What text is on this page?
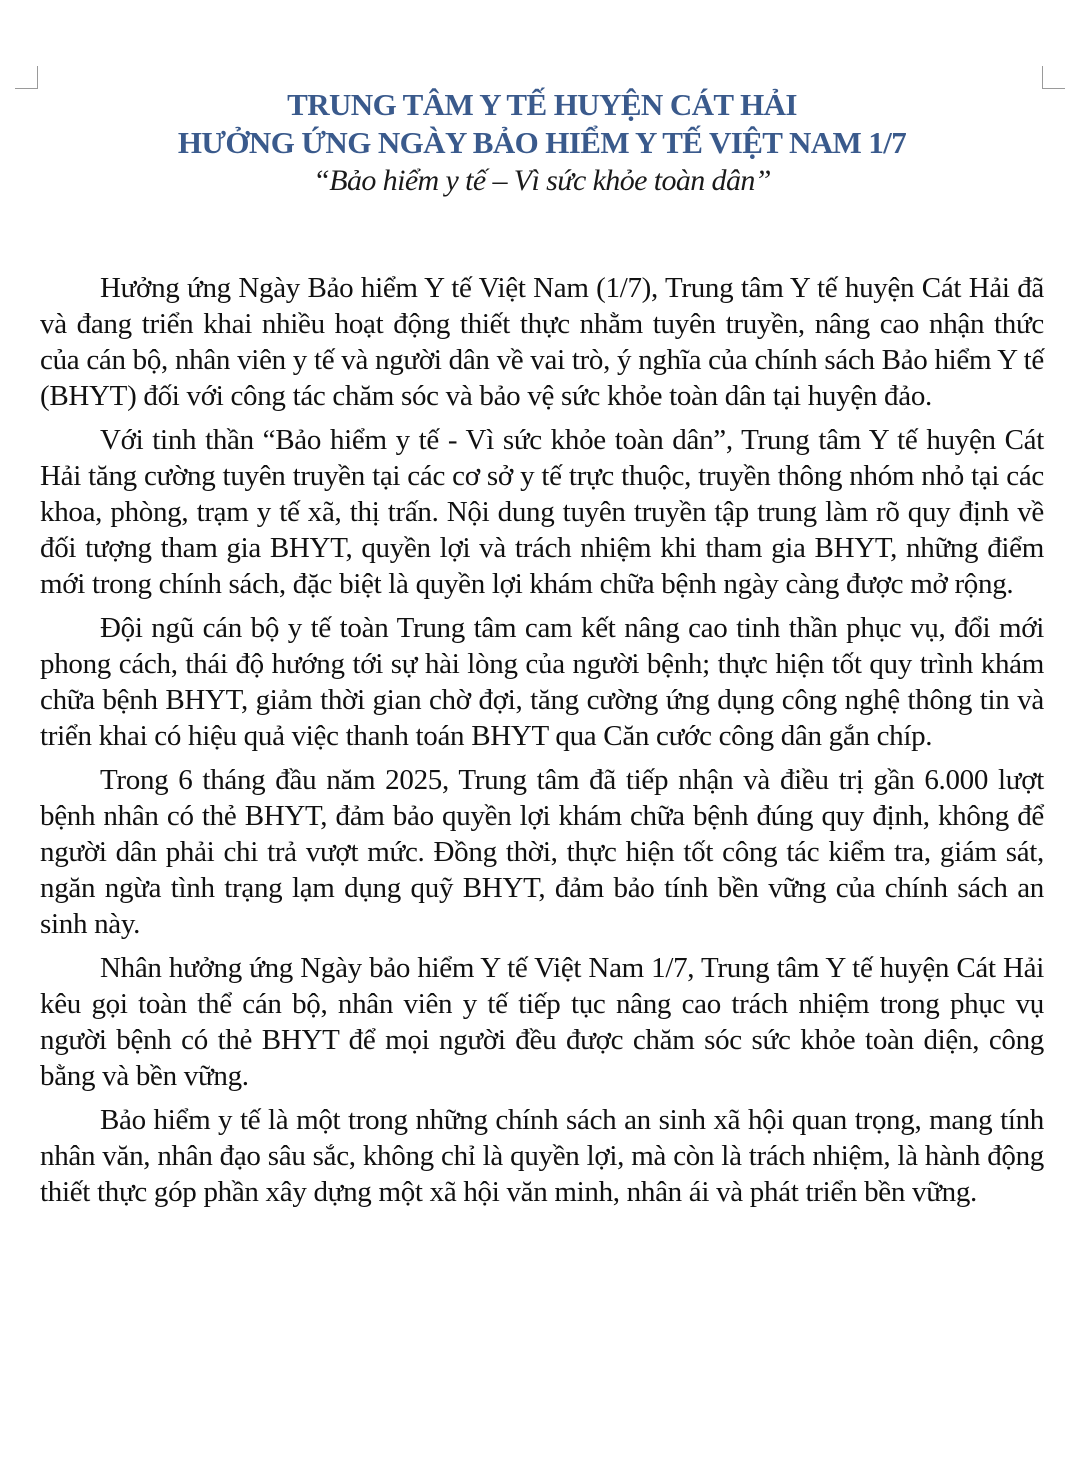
TRUNG TÂM Y TẾ HUYỆN CÁT HẢI
HƯỞNG ỨNG NGÀY BẢO HIỂM Y TẾ VIỆT NAM 1/7
“Bảo hiểm y tế – Vì sức khỏe toàn dân”

Hưởng ứng Ngày Bảo hiểm Y tế Việt Nam (1/7), Trung tâm Y tế huyện Cát Hải đã và đang triển khai nhiều hoạt động thiết thực nhằm tuyên truyền, nâng cao nhận thức của cán bộ, nhân viên y tế và người dân về vai trò, ý nghĩa của chính sách Bảo hiểm Y tế (BHYT) đối với công tác chăm sóc và bảo vệ sức khỏe toàn dân tại huyện đảo.

Với tinh thần “Bảo hiểm y tế - Vì sức khỏe toàn dân”, Trung tâm Y tế huyện Cát Hải tăng cường tuyên truyền tại các cơ sở y tế trực thuộc, truyền thông nhóm nhỏ tại các khoa, phòng, trạm y tế xã, thị trấn. Nội dung tuyên truyền tập trung làm rõ quy định về đối tượng tham gia BHYT, quyền lợi và trách nhiệm khi tham gia BHYT, những điểm mới trong chính sách, đặc biệt là quyền lợi khám chữa bệnh ngày càng được mở rộng.

Đội ngũ cán bộ y tế toàn Trung tâm cam kết nâng cao tinh thần phục vụ, đổi mới phong cách, thái độ hướng tới sự hài lòng của người bệnh; thực hiện tốt quy trình khám chữa bệnh BHYT, giảm thời gian chờ đợi, tăng cường ứng dụng công nghệ thông tin và triển khai có hiệu quả việc thanh toán BHYT qua Căn cước công dân gắn chíp.

Trong 6 tháng đầu năm 2025, Trung tâm đã tiếp nhận và điều trị gần 6.000 lượt bệnh nhân có thẻ BHYT, đảm bảo quyền lợi khám chữa bệnh đúng quy định, không để người dân phải chi trả vượt mức. Đồng thời, thực hiện tốt công tác kiểm tra, giám sát, ngăn ngừa tình trạng lạm dụng quỹ BHYT, đảm bảo tính bền vững của chính sách an sinh này.

Nhân hưởng ứng Ngày bảo hiểm Y tế Việt Nam 1/7, Trung tâm Y tế huyện Cát Hải kêu gọi toàn thể cán bộ, nhân viên y tế tiếp tục nâng cao trách nhiệm trong phục vụ người bệnh có thẻ BHYT để mọi người đều được chăm sóc sức khỏe toàn diện, công bằng và bền vững.

Bảo hiểm y tế là một trong những chính sách an sinh xã hội quan trọng, mang tính nhân văn, nhân đạo sâu sắc, không chỉ là quyền lợi, mà còn là trách nhiệm, là hành động thiết thực góp phần xây dựng một xã hội văn minh, nhân ái và phát triển bền vững.
